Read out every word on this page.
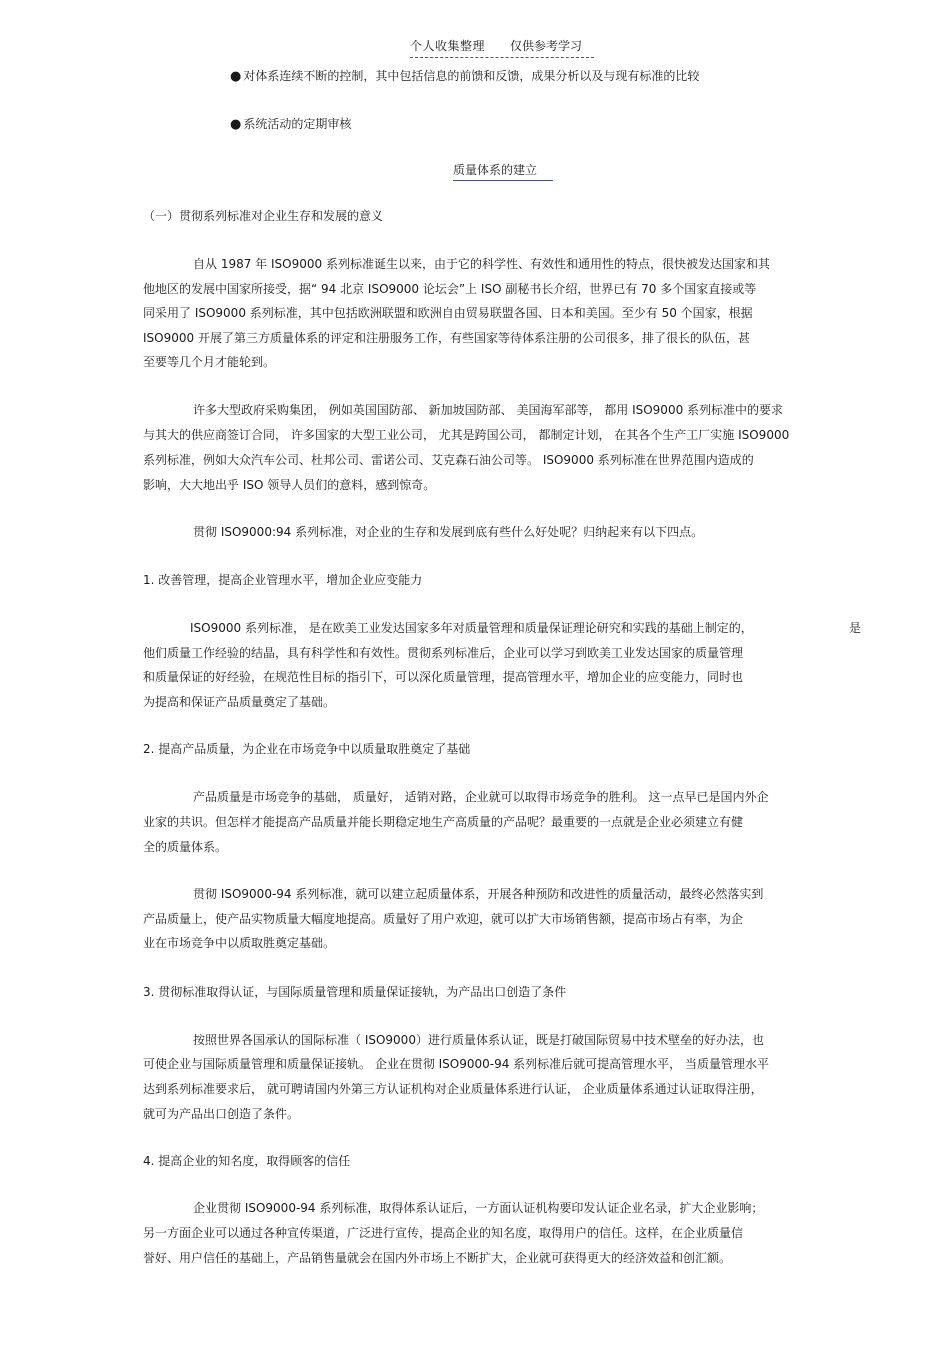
个人收集整理 仅供参考学习
● 对体系连续不断的控制，其中包括信息的前馈和反馈，成果分析以及与现有标准的比较
● 系统活动的定期审核
质量体系的建立
（一）贯彻系列标准对企业生存和发展的意义
自从 1987 年 ISO9000 系列标准诞生以来，由于它的科学性、有效性和通用性的特点，很快被发达国家和其
他地区的发展中国家所接受，据“ 94 北京 ISO9000 论坛会”上 ISO 副秘书长介绍，世界已有 70 多个国家直接或等
同采用了 ISO9000 系列标准，其中包括欧洲联盟和欧洲自由贸易联盟各国、日本和美国。至少有 50 个国家，根据
ISO9000 开展了第三方质量体系的评定和注册服务工作，有些国家等待体系注册的公司很多，排了很长的队伍，甚
至要等几个月才能轮到。
许多大型政府采购集团， 例如英国国防部、 新加坡国防部、 美国海军部等， 都用 ISO9000 系列标准中的要求
与其大的供应商签订合同， 许多国家的大型工业公司， 尤其是跨国公司， 都制定计划， 在其各个生产工厂实施 ISO9000
系列标准，例如大众汽车公司、杜邦公司、雷诺公司、艾克森石油公司等。 ISO9000 系列标准在世界范围内造成的
影响，大大地出乎 ISO 领导人员们的意料，感到惊奇。
贯彻 ISO9000:94 系列标准，对企业的生存和发展到底有些什么好处呢？归纳起来有以下四点。
1. 改善管理，提高企业管理水平，增加企业应变能力
ISO9000 系列标准， 是在欧美工业发达国家多年对质量管理和质量保证理论研究和实践的基础上制定的，	是
他们质量工作经验的结晶，具有科学性和有效性。贯彻系列标准后，企业可以学习到欧美工业发达国家的质量管理
和质量保证的好经验，在规范性目标的指引下，可以深化质量管理，提高管理水平，增加企业的应变能力，同时也
为提高和保证产品质量奠定了基础。
2. 提高产品质量，为企业在市场竞争中以质量取胜奠定了基础
产品质量是市场竞争的基础， 质量好， 适销对路，企业就可以取得市场竞争的胜利。 这一点早已是国内外企
业家的共识。但怎样才能提高产品质量并能长期稳定地生产高质量的产品呢？最重要的一点就是企业必须建立有健
全的质量体系。
贯彻 ISO9000-94 系列标准，就可以建立起质量体系，开展各种预防和改进性的质量活动，最终必然落实到
产品质量上，使产品实物质量大幅度地提高。质量好了用户欢迎，就可以扩大市场销售额，提高市场占有率，为企
业在市场竞争中以质取胜奠定基础。
3. 贯彻标准取得认证，与国际质量管理和质量保证接轨，为产品出口创造了条件
按照世界各国承认的国际标准（ ISO9000）进行质量体系认证，既是打破国际贸易中技术壁垒的好办法，也
可使企业与国际质量管理和质量保证接轨。 企业在贯彻 ISO9000-94 系列标准后就可提高管理水平， 当质量管理水平
达到系列标准要求后， 就可聘请国内外第三方认证机构对企业质量体系进行认证， 企业质量体系通过认证取得注册，
就可为产品出口创造了条件。
4. 提高企业的知名度，取得顾客的信任
企业贯彻 ISO9000-94 系列标准，取得体系认证后，一方面认证机构要印发认证企业名录，扩大企业影响；
另一方面企业可以通过各种宣传渠道，广泛进行宣传，提高企业的知名度，取得用户的信任。这样，在企业质量信
誉好、用户信任的基础上，产品销售量就会在国内外市场上不断扩大，企业就可获得更大的经济效益和创汇额。
